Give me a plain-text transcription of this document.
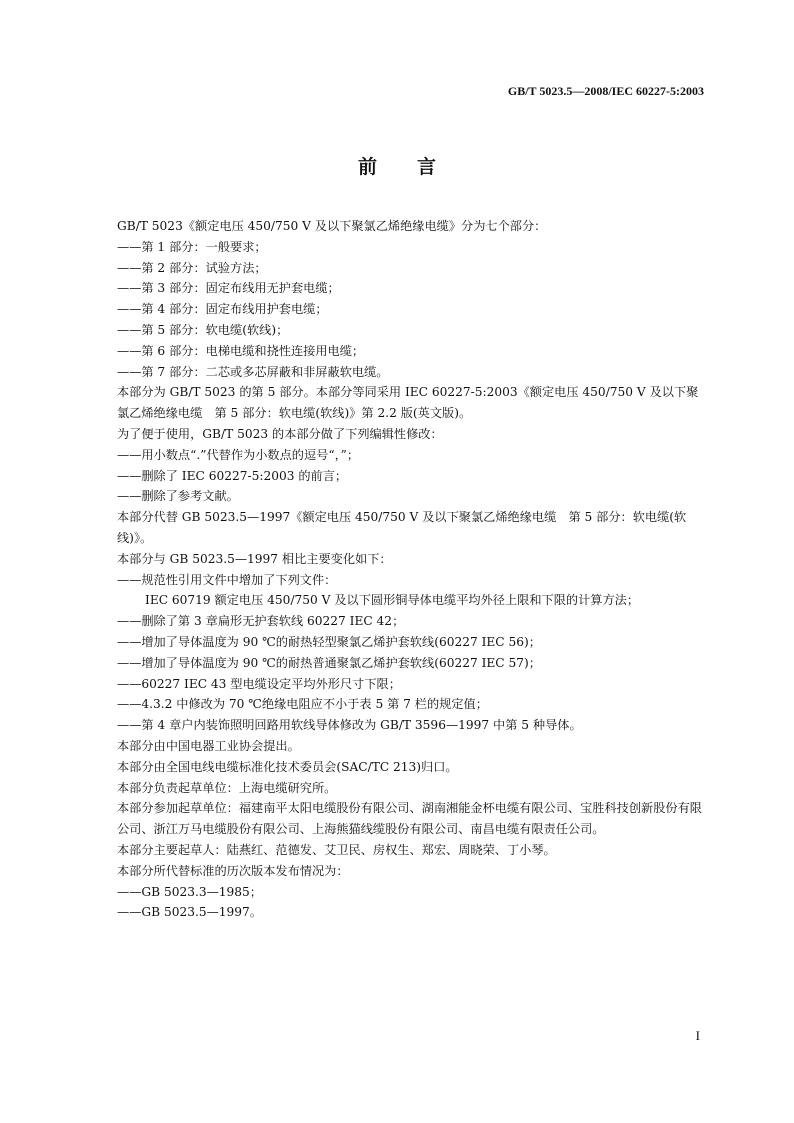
GB/T 5023.5—2008/IEC 60227-5:2003
前言

GB/T 5023《额定电压 450/750 V 及以下聚氯乙烯绝缘电缆》分为七个部分：

——第 1 部分：一般要求；

——第 2 部分：试验方法；

——第 3 部分：固定布线用无护套电缆；

——第 4 部分：固定布线用护套电缆；

——第 5 部分：软电缆(软线)；

——第 6 部分：电梯电缆和挠性连接用电缆；

——第 7 部分：二芯或多芯屏蔽和非屏蔽软电缆。

本部分为 GB/T 5023 的第 5 部分。本部分等同采用 IEC 60227-5:2003《额定电压 450/750 V 及以下聚氯乙烯绝缘电缆　第 5 部分：软电缆(软线)》第 2.2 版(英文版)。

为了便于使用，GB/T 5023 的本部分做了下列编辑性修改：

——用小数点“.”代替作为小数点的逗号“，”；

——删除了 IEC 60227-5:2003 的前言；

——删除了参考文献。

本部分代替 GB 5023.5—1997《额定电压 450/750 V 及以下聚氯乙烯绝缘电缆　第 5 部分：软电缆(软线)》。

本部分与 GB 5023.5—1997 相比主要变化如下：

——规范性引用文件中增加了下列文件：

IEC 60719 额定电压 450/750 V 及以下圆形铜导体电缆平均外径上限和下限的计算方法；

——删除了第 3 章扁形无护套软线 60227 IEC 42；

——增加了导体温度为 90 ℃的耐热轻型聚氯乙烯护套软线(60227 IEC 56)；

——增加了导体温度为 90 ℃的耐热普通聚氯乙烯护套软线(60227 IEC 57)；

——60227 IEC 43 型电缆设定平均外形尺寸下限；

——4.3.2 中修改为 70 ℃绝缘电阻应不小于表 5 第 7 栏的规定值；

——第 4 章户内装饰照明回路用软线导体修改为 GB/T 3596—1997 中第 5 种导体。

本部分由中国电器工业协会提出。

本部分由全国电线电缆标准化技术委员会(SAC/TC 213)归口。

本部分负责起草单位：上海电缆研究所。

本部分参加起草单位：福建南平太阳电缆股份有限公司、湖南湘能金杯电缆有限公司、宝胜科技创新股份有限公司、浙江万马电缆股份有限公司、上海熊猫线缆股份有限公司、南昌电缆有限责任公司。

本部分主要起草人：陆燕红、范德发、艾卫民、房权生、郑宏、周晓荣、丁小琴。

本部分所代替标准的历次版本发布情况为：

——GB 5023.3—1985；

——GB 5023.5—1997。

I
